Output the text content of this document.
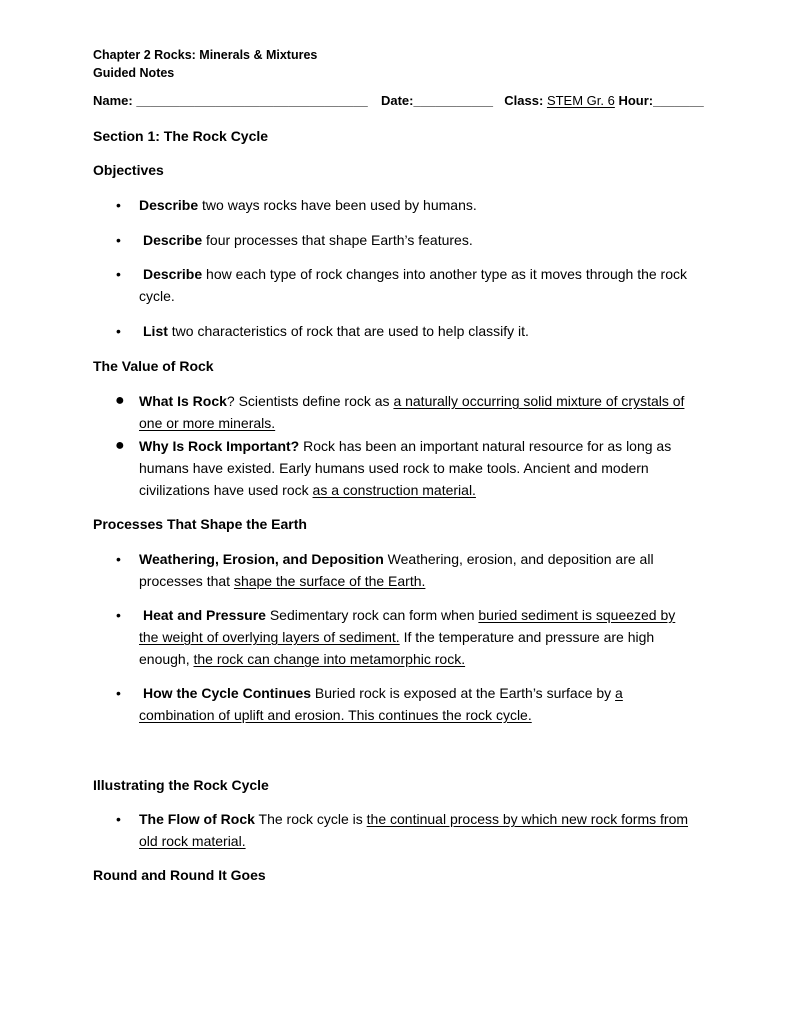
Chapter 2 Rocks: Minerals & Mixtures
Guided Notes
Name: ________________________________ Date:___________ Class: STEM Gr. 6 Hour:_______
Section 1: The Rock Cycle
Objectives
• Describe two ways rocks have been used by humans.
• Describe four processes that shape Earth’s features.
• Describe how each type of rock changes into another type as it moves through the rock
cycle.
• List two characteristics of rock that are used to help classify it.
The Value of Rock
● What Is Rock? Scientists define rock as a naturally occurring solid mixture of crystals of
one or more minerals.
● Why Is Rock Important? Rock has been an important natural resource for as long as
humans have existed. Early humans used rock to make tools. Ancient and modern
civilizations have used rock as a construction material.
Processes That Shape the Earth
• Weathering, Erosion, and Deposition Weathering, erosion, and deposition are all
processes that shape the surface of the Earth.
• Heat and Pressure Sedimentary rock can form when buried sediment is squeezed by
the weight of overlying layers of sediment. If the temperature and pressure are high
enough, the rock can change into metamorphic rock.
• How the Cycle Continues Buried rock is exposed at the Earth’s surface by a
combination of uplift and erosion. This continues the rock cycle.
Illustrating the Rock Cycle
• The Flow of Rock The rock cycle is the continual process by which new rock forms from
old rock material.
Round and Round It Goes
